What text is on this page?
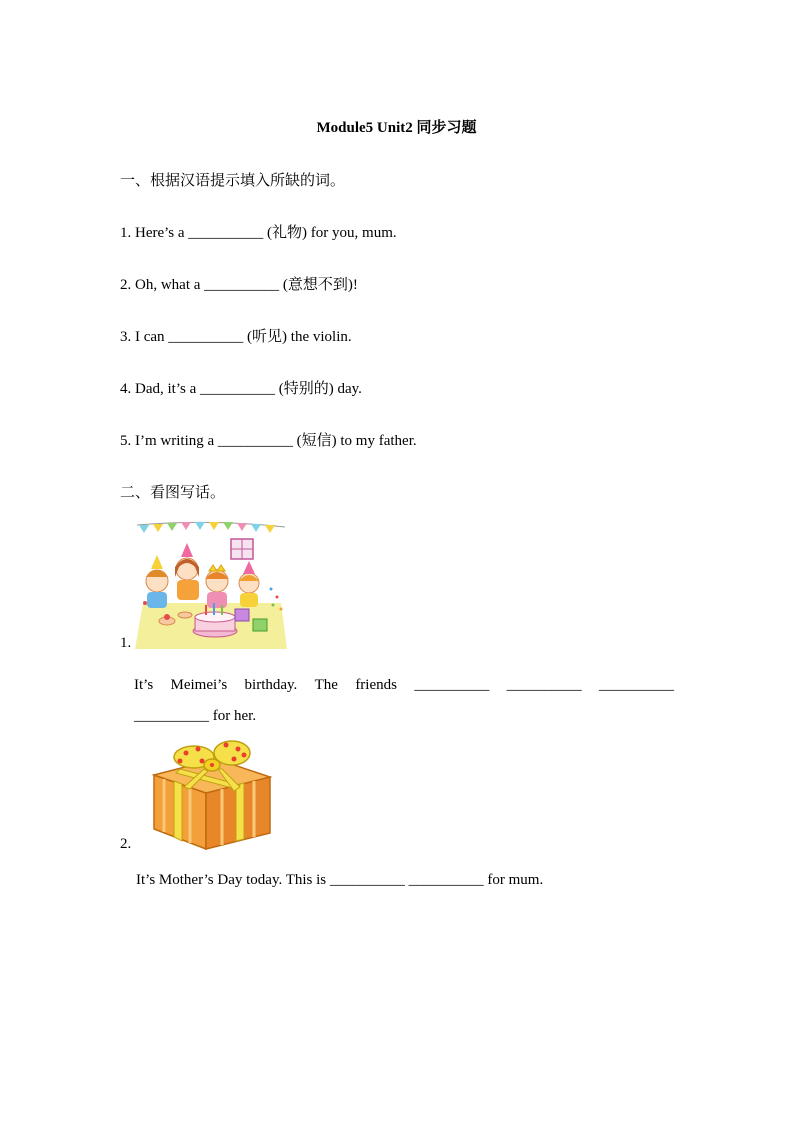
Module5 Unit2 同步习题
一、根据汉语提示填入所缺的词。
1. Here’s a __________ (礼物) for you, mum.
2. Oh, what a __________ (意想不到)!
3. I can __________ (听见) the violin.
4. Dad, it’s a __________ (特别的) day.
5. I’m writing a __________ (短信) to my father.
二、看图写话。
1.
It’s Meimei’s birthday. The friends __________ __________ __________
__________ for her.
2.
It’s Mother’s Day today. This is __________ __________ for mum.
